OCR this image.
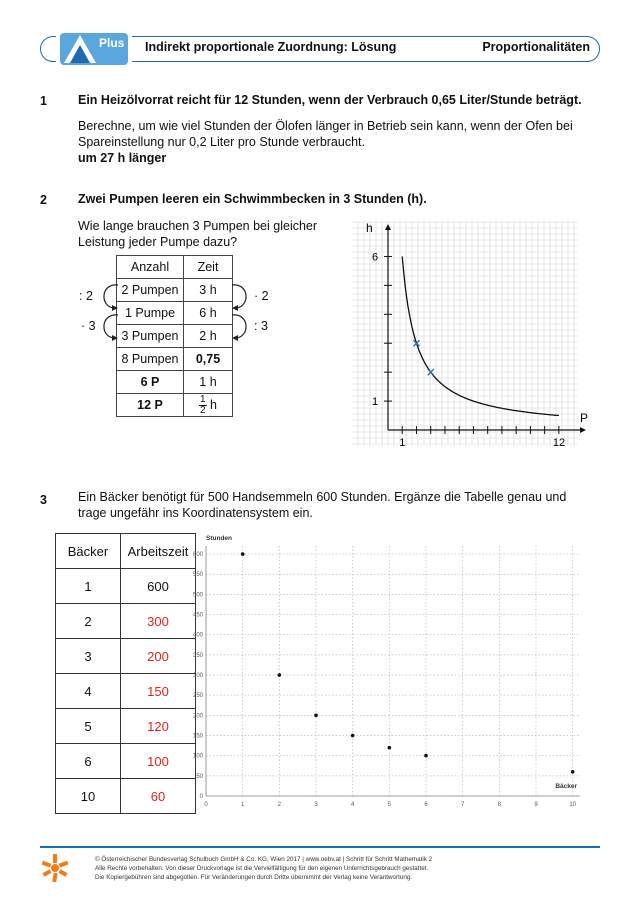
Plus Indirekt proportionale Zuordnung: Lösung	Proportionalitäten
1 Ein Heizölvorrat reicht für 12 Stunden, wenn der Verbrauch 0,65 Liter/Stunde beträgt.
Berechne, um wie viel Stunden der Ölofen länger in Betrieb sein kann, wenn der Ofen bei
Spareinstellung nur 0,2 Liter pro Stunde verbraucht.
um 27 h länger
2 Zwei Pumpen leeren ein Schwimmbecken in 3 Stunden (h).
Wie lange brauchen 3 Pumpen bei gleicher
Leistung jeder Pumpe dazu?
Anzahl	Zeit
2 Pumpen	3 h
1 Pumpe	6 h
3 Pumpen	2 h
8 Pumpen	0,75
6 P	1 h
12 P	$\frac{1}{2}$ h
: 2
· 3
· 2
: 3
h
P
6
1
1	12
3 Ein Bäcker benötigt für 500 Handsemmeln 600 Stunden. Ergänze die Tabelle genau und
trage ungefähr ins Koordinatensystem ein.
Bäcker	Arbeitszeit
1	600
2	300
3	200
4	150
5	120
6	100
10	60	0
50
100
150
200
250
300
350
400
450
500
550
600
0	1	2	3	4	5	6	7	8	9	10
Stunden
Bäcker
© Österreichischer Bundesverlag Schulbuch GmbH & Co. KG, Wien 2017 | www.oebv.at | Schritt für Schritt Mathematik 2
Alle Rechte vorbehalten. Von dieser Druckvorlage ist die Vervielfältigung für den eigenen Unterrichtsgebrauch gestattet.
Die Kopiergebühren sind abgegolten. Für Veränderungen durch Dritte übernimmt der Verlag keine Verantwortung.
